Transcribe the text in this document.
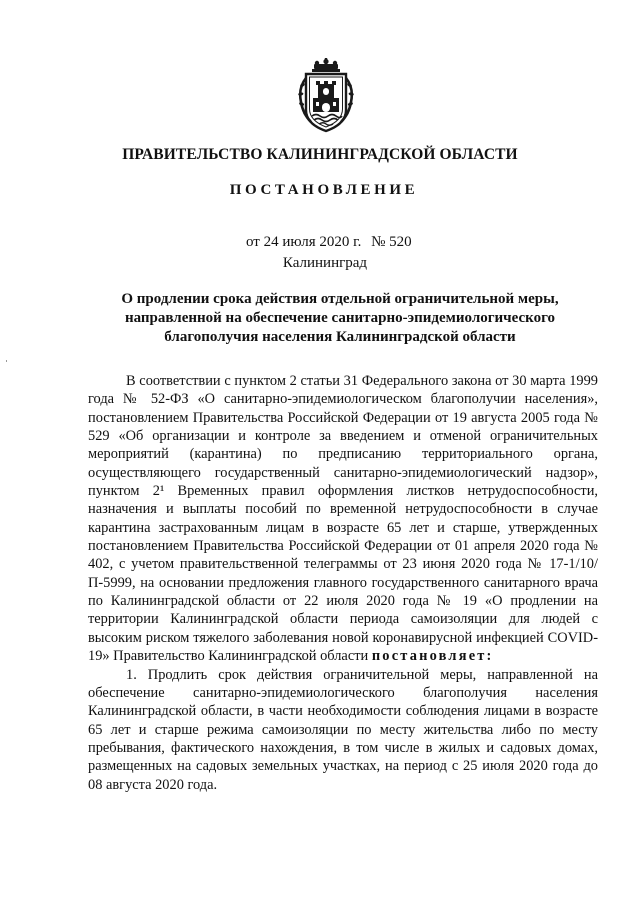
ПРАВИТЕЛЬСТВО КАЛИНИНГРАДСКОЙ ОБЛАСТИ
ПОСТАНОВЛЕНИЕ
от 24 июля 2020 г. № 520
Калининград
О продлении срока действия отдельной ограничительной меры,
направленной на обеспечение санитарно-эпидемиологического
благополучия населения Калининградской области

В соответствии с пунктом 2 статьи 31 Федерального закона от 30 марта 1999 года № 52-ФЗ «О санитарно-эпидемиологическом благополучии населения», постановлением Правительства Российской Федерации от 19 августа 2005 года № 529 «Об организации и контроле за введением и отменой ограничительных мероприятий (карантина) по предписанию территориального органа, осуществляющего государственный санитарно-эпидемиологический надзор», пунктом 2¹ Временных правил оформления листков нетрудоспособности, назначения и выплаты пособий по временной нетрудоспособности в случае карантина застрахованным лицам в возрасте 65 лет и старше, утвержденных постановлением Правительства Российской Федерации от 01 апреля 2020 года № 402, с учетом правительственной телеграммы от 23 июня 2020 года № 17-1/10/П-5999, на основании предложения главного государственного санитарного врача по Калининградской области от 22 июля 2020 года № 19 «О продлении на территории Калининградской области периода самоизоляции для людей с высоким риском тяжелого заболевания новой коронавирусной инфекцией COVID-19» Правительство Калининградской области постановляет:

1. Продлить срок действия ограничительной меры, направленной на обеспечение санитарно-эпидемиологического благополучия населения Калининградской области, в части необходимости соблюдения лицами в возрасте 65 лет и старше режима самоизоляции по месту жительства либо по месту пребывания, фактического нахождения, в том числе в жилых и садовых домах, размещенных на садовых земельных участках, на период с 25 июля 2020 года до 08 августа 2020 года.
